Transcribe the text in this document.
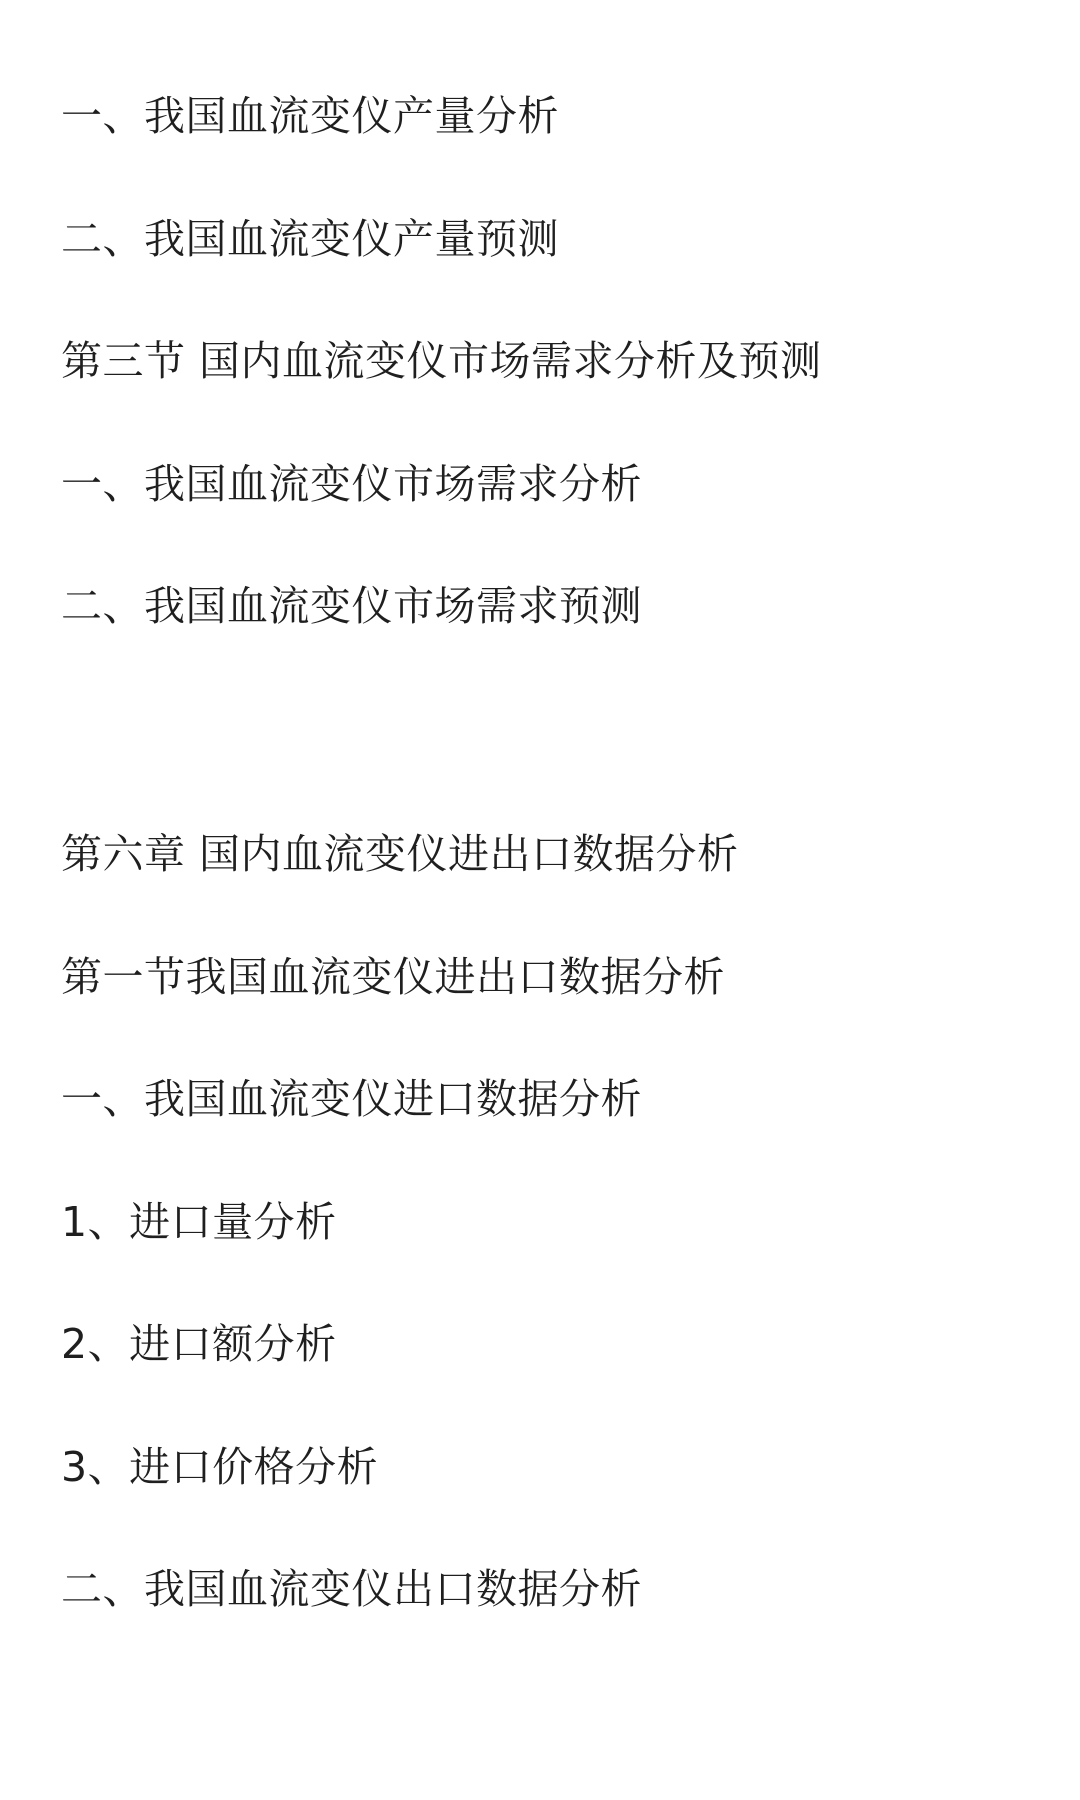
一、我国血流变仪产量分析
二、我国血流变仪产量预测
第三节 国内血流变仪市场需求分析及预测
一、我国血流变仪市场需求分析
二、我国血流变仪市场需求预测
第六章 国内血流变仪进出口数据分析
第一节我国血流变仪进出口数据分析
一、我国血流变仪进口数据分析
1、进口量分析
2、进口额分析
3、进口价格分析
二、我国血流变仪出口数据分析
